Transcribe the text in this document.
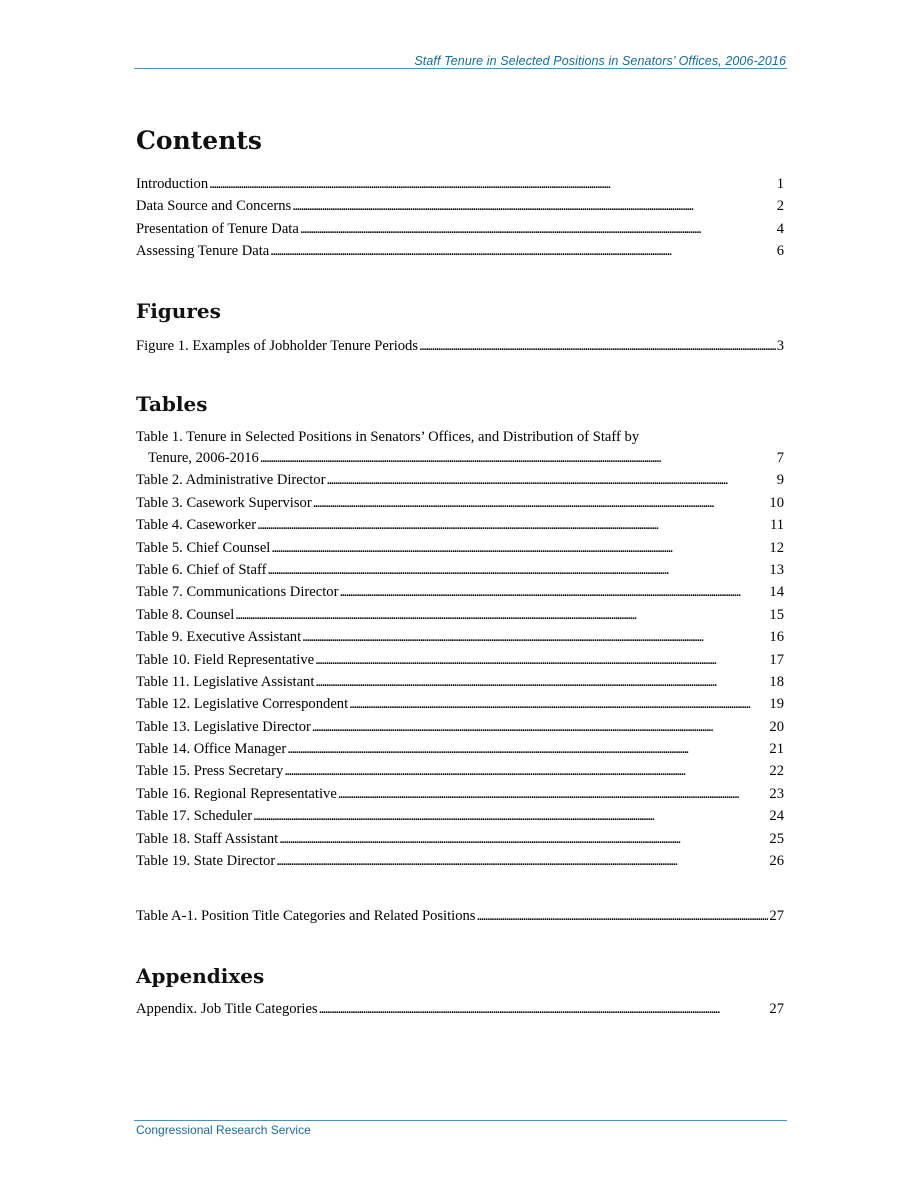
Staff Tenure in Selected Positions in Senators’ Offices, 2006-2016
Contents
Introduction . . .	1
Data Source and Concerns . . .	2
Presentation of Tenure Data . . .	4
Assessing Tenure Data . . .	6
Figures
Figure 1. Examples of Jobholder Tenure Periods . . .	3
Tables
Table 1. Tenure in Selected Positions in Senators’ Offices, and Distribution of Staff by
Tenure, 2006-2016 . . .	7
Table 2. Administrative Director . . .	9
Table 3. Casework Supervisor . . .	10
Table 4. Caseworker . . .	11
Table 5. Chief Counsel . . .	12
Table 6. Chief of Staff . . .	13
Table 7. Communications Director . . .	14
Table 8. Counsel . . .	15
Table 9. Executive Assistant . . .	16
Table 10. Field Representative . . .	17
Table 11. Legislative Assistant . . .	18
Table 12. Legislative Correspondent . . .	19
Table 13. Legislative Director . . .	20
Table 14. Office Manager . . .	21
Table 15. Press Secretary . . .	22
Table 16. Regional Representative . . .	23
Table 17. Scheduler . . .	24
Table 18. Staff Assistant . . .	25
Table 19. State Director . . .	26
Table A-1. Position Title Categories and Related Positions . . .	27
Appendixes
Appendix. Job Title Categories . . .	27
Congressional Research Service
